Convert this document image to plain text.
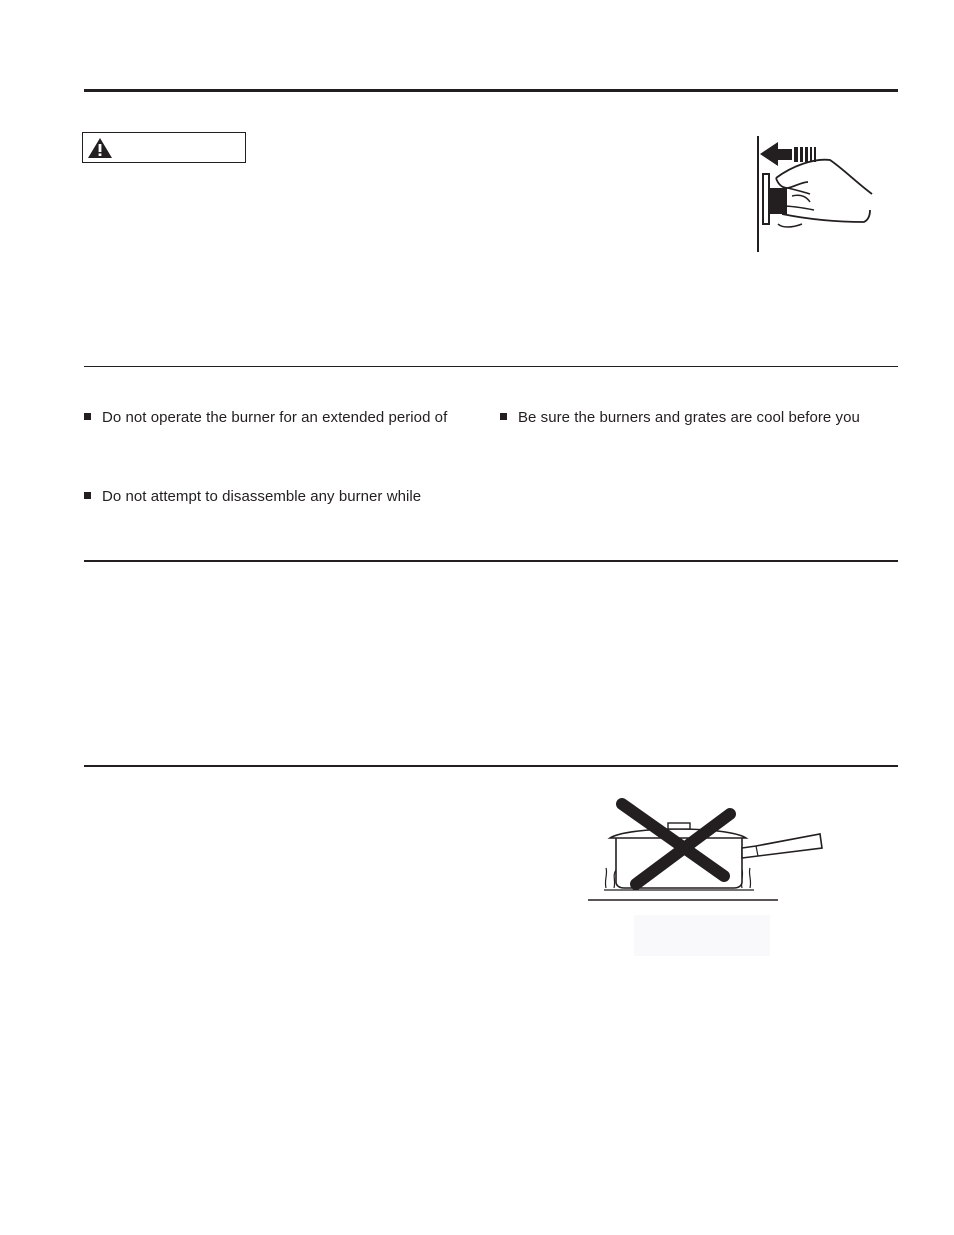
Do not operate the burner for an extended period of
Do not attempt to disassemble any burner while
Be sure the burners and grates are cool before you
